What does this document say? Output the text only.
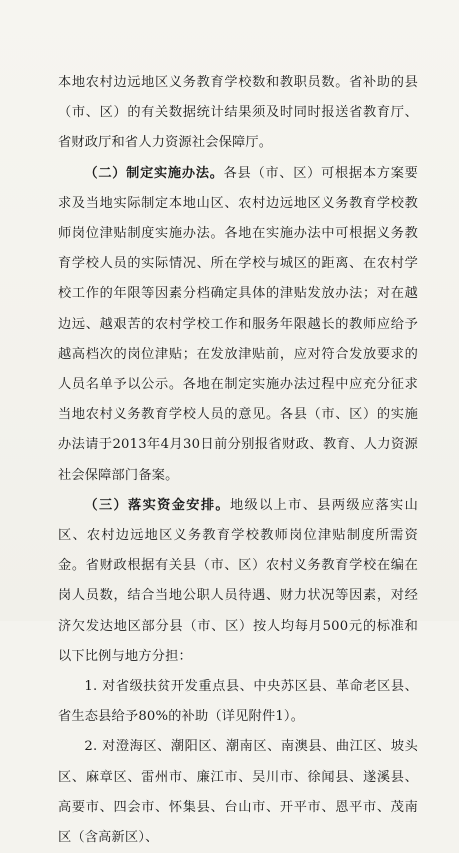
本地农村边远地区义务教育学校数和教职员数。省补助的县（市、区）的有关数据统计结果须及时同时报送省教育厅、省财政厅和省人力资源社会保障厅。

（二）制定实施办法。各县（市、区）可根据本方案要求及当地实际制定本地山区、农村边远地区义务教育学校教师岗位津贴制度实施办法。各地在实施办法中可根据义务教育学校人员的实际情况、所在学校与城区的距离、在农村学校工作的年限等因素分档确定具体的津贴发放办法；对在越边远、越艰苦的农村学校工作和服务年限越长的教师应给予越高档次的岗位津贴；在发放津贴前，应对符合发放要求的人员名单予以公示。各地在制定实施办法过程中应充分征求当地农村义务教育学校人员的意见。各县（市、区）的实施办法请于2013年4月30日前分别报省财政、教育、人力资源社会保障部门备案。

（三）落实资金安排。地级以上市、县两级应落实山区、农村边远地区义务教育学校教师岗位津贴制度所需资金。省财政根据有关县（市、区）农村义务教育学校在编在岗人员数，结合当地公职人员待遇、财力状况等因素，对经济欠发达地区部分县（市、区）按人均每月500元的标准和以下比例与地方分担：

1. 对省级扶贫开发重点县、中央苏区县、革命老区县、省生态县给予80%的补助（详见附件1）。

2. 对澄海区、潮阳区、潮南区、南澳县、曲江区、坡头区、麻章区、雷州市、廉江市、吴川市、徐闻县、遂溪县、高要市、四会市、怀集县、台山市、开平市、恩平市、茂南区（含高新区）、
